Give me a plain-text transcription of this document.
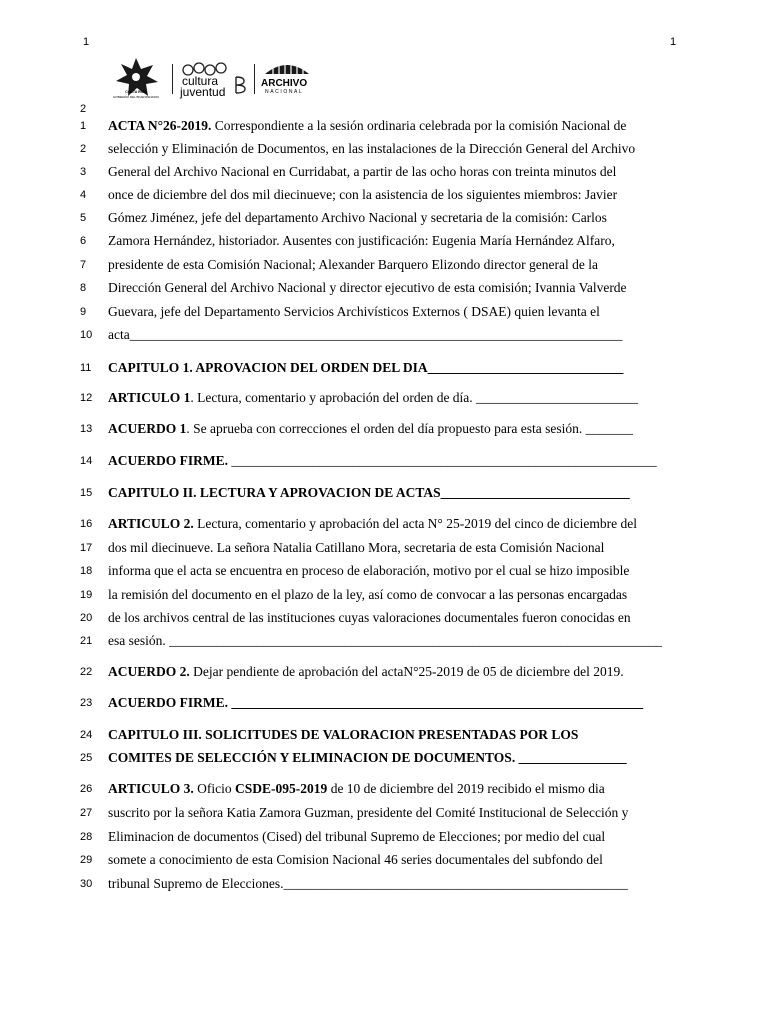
1	1
COSTA RICA
GOBIERNO DEL BICENTENARIO
cultura
juventud
ARCHIVO
NACIONAL
2
1	ACTA N°26-2019. Correspondiente a la sesión ordinaria celebrada por la comisión Nacional de
2	selección y Eliminación de Documentos, en las instalaciones de la Dirección General del Archivo
3	General del Archivo Nacional en Curridabat, a partir de las ocho horas con treinta minutos del
4	once de diciembre del dos mil diecinueve; con la asistencia de los siguientes miembros: Javier
5	Gómez Jiménez, jefe del departamento Archivo Nacional y secretaria de la comisión: Carlos
6	Zamora Hernández, historiador. Ausentes con justificación: Eugenia María Hernández Alfaro,
7	presidente de esta Comisión Nacional; Alexander Barquero Elizondo director general de la
8	Dirección General del Archivo Nacional y director ejecutivo de esta comisión; Ivannia Valverde
9	Guevara, jefe del Departamento Servicios Archivísticos Externos ( DSAE) quien levanta el
10	acta_________________________________________________________________________
11	CAPITULO 1. APROVACION DEL ORDEN DEL DIA_____________________________
12	ARTICULO 1. Lectura, comentario y aprobación del orden de día. ________________________
13	ACUERDO 1. Se aprueba con correcciones el orden del día propuesto para esta sesión. _______
14	ACUERDO FIRME. _______________________________________________________________
15	CAPITULO II. LECTURA Y APROVACION DE ACTAS____________________________
16	ARTICULO 2. Lectura, comentario y aprobación del acta N° 25-2019 del cinco de diciembre del
17	dos mil diecinueve. La señora Natalia Catillano Mora, secretaria de esta Comisión Nacional
18	informa que el acta se encuentra en proceso de elaboración, motivo por el cual se hizo imposible
19	la remisión del documento en el plazo de la ley, así como de convocar a las personas encargadas
20	de los archivos central de las instituciones cuyas valoraciones documentales fueron conocidas en
21	esa sesión. _________________________________________________________________________
22	ACUERDO 2. Dejar pendiente de aprobación del actaN°25-2019 de 05 de diciembre del 2019.
23	ACUERDO FIRME. _____________________________________________________________
24	CAPITULO III. SOLICITUDES DE VALORACION PRESENTADAS POR LOS
25	COMITES DE SELECCIÓN Y ELIMINACION DE DOCUMENTOS. ________________
26	ARTICULO 3. Oficio CSDE-095-2019 de 10 de diciembre del 2019 recibido el mismo dia
27	suscrito por la señora Katia Zamora Guzman, presidente del Comité Institucional de Selección y
28	Eliminacion de documentos (Cised) del tribunal Supremo de Elecciones; por medio del cual
29	somete a conocimiento de esta Comision Nacional 46 series documentales del subfondo del
30	tribunal Supremo de Elecciones.___________________________________________________
